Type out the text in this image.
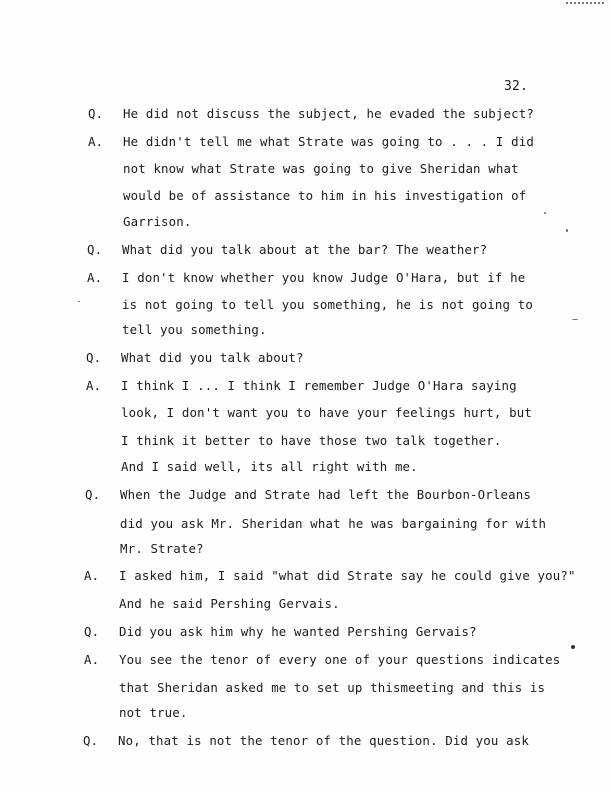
32.
Q. He did not discuss the subject, he evaded the subject?
A. He didn't tell me what Strate was going to . . . I did
not know what Strate was going to give Sheridan what
would be of assistance to him in his investigation of
Garrison.
Q. What did you talk about at the bar? The weather?
A. I don't know whether you know Judge O'Hara, but if he
is not going to tell you something, he is not going to
tell you something.
Q. What did you talk about?
A. I think I ... I think I remember Judge O'Hara saying
look, I don't want you to have your feelings hurt, but
I think it better to have those two talk together.
And I said well, its all right with me.
Q. When the Judge and Strate had left the Bourbon-Orleans
did you ask Mr. Sheridan what he was bargaining for with
Mr. Strate?
A. I asked him, I said "what did Strate say he could give you?"
And he said Pershing Gervais.
Q. Did you ask him why he wanted Pershing Gervais?
A. You see the tenor of every one of your questions indicates
that Sheridan asked me to set up thismeeting and this is
not true.
Q. No, that is not the tenor of the question. Did you ask
